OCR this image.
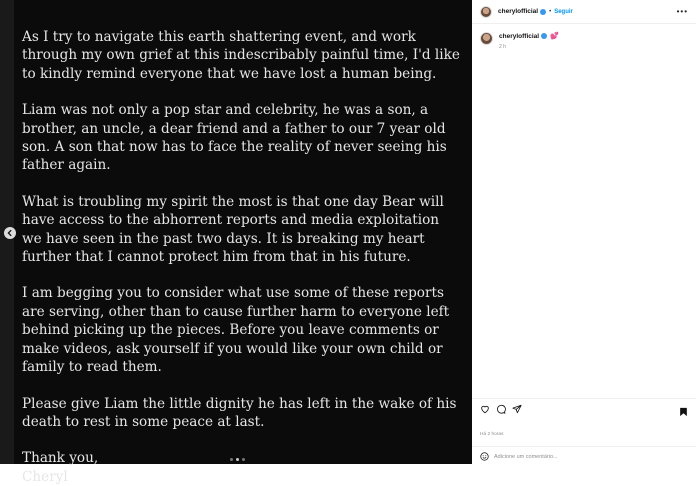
As I try to navigate this earth shattering event, and work through my own grief at this indescribably painful time, I'd like to kindly remind everyone that we have lost a human being.

Liam was not only a pop star and celebrity, he was a son, a brother, an uncle, a dear friend and a father to our 7 year old son. A son that now has to face the reality of never seeing his father again.

What is troubling my spirit the most is that one day Bear will have access to the abhorrent reports and media exploitation we have seen in the past two days. It is breaking my heart further that I cannot protect him from that in his future.

I am begging you to consider what use some of these reports are serving, other than to cause further harm to everyone left behind picking up the pieces. Before you leave comments or make videos, ask yourself if you would like your own child or family to read them.

Please give Liam the little dignity he has left in the wake of his death to rest in some peace at last.

Thank you,
Cheryl
cherylofficial • Seguir	•••
cherylofficial 💕
2 h
Há 2 horas
Adicione um comentário...
